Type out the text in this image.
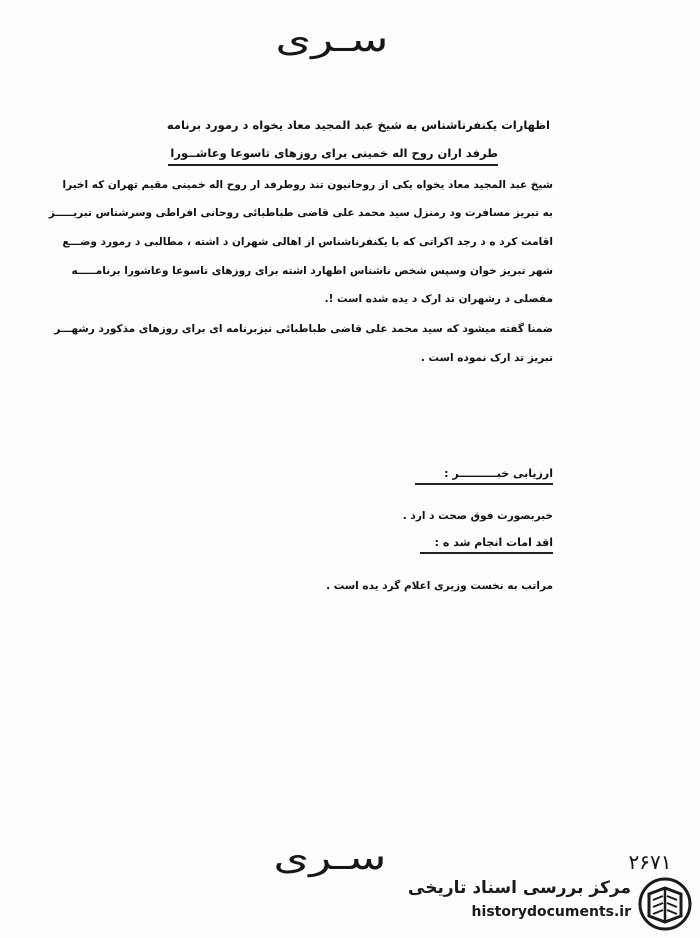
سـری
اظهارات یکنفرناشناس به شیخ عبد المجید معاد یخواه د رمورد برنامه
طرفد اران روح اله خمینی برای روزهای تاسوعا وعاشــورا
شیخ عبد المجید معاد یخواه یکی از روحانیون تند روطرفد ار روح اله خمینی مقیم تهران که اخیرا
به تبریز مسافرت ود رمنزل سید محمد علی قاضی طباطبائی روحانی افراطی وسرشناس تبریـــــز
اقامت کرد ه د رجد اکراتی که با یکنفرناشناس از اهالی شهران د اشته ، مطالبی د رمورد وضـــع
شهر تبریز خوان وسپس شخص ناشناس اظهارد اشته برای روزهای تاسوعا وعاشورا برنامـــــه
مفصلی د رشهران تد ارک د یده شده است !.
ضمنا گفته میشود که سید محمد علی قاضی طباطبائی نیزبرنامه ای برای روزهای مذکورد رشهـــر
تبریز تد ارک نموده است .
ارزیابی خبــــــــــر :
خبربصورت فوق صحت د ارد .
اقد امات انجام شد ه :
مراتب به نخست وزیری اعلام گرد یده است .
سـری	۲۶۷۱
مرکز بررسی اسناد تاریخی
historydocuments.ir
